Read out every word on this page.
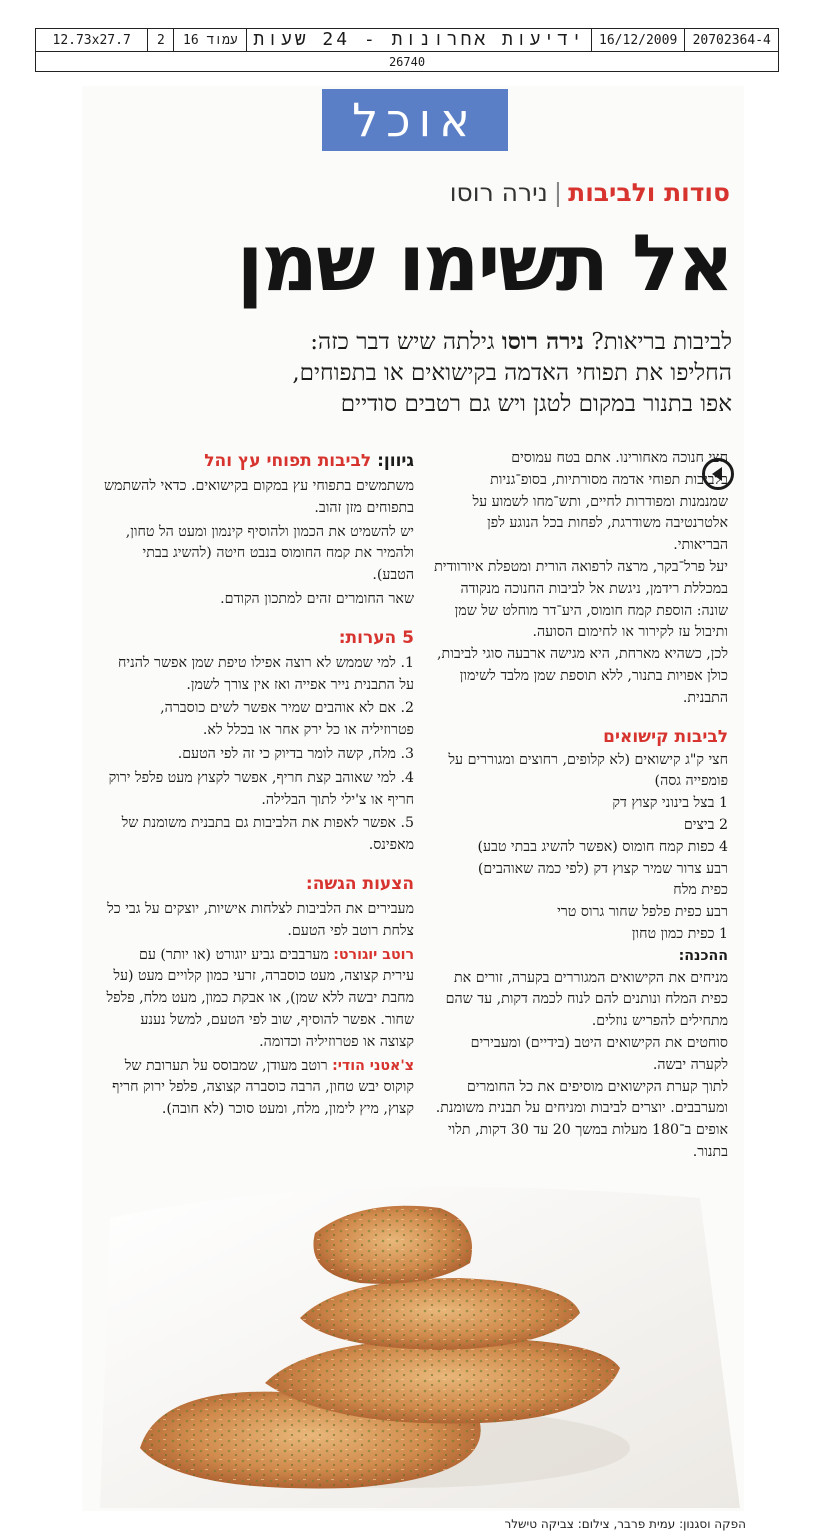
12.73x27.7	2	עמוד 16 ידיעות אחרונות - 24 שעות	16/12/2009	20702364-4
26740
אוכל
סודות ולביבות|נירה רוסו
אל תשימו שמן
לביבות בריאות? נירה רוסו גילתה שיש דבר כזה:
החליפו את תפוחי האדמה בקישואים או בתפוחים,
אפו בתנור במקום לטגן ויש גם רטבים סודיים

חצי חנוכה מאחורינו. אתם בטח עמוסים בלביבות תפוחי אדמה מסורתיות, בסופ־גניות שמנמנות ומפודרות לחיים, ותש־מחו לשמוע על אלטרנטיבה משודרגת, לפחות בכל הנוגע לפן הבריאותי.

יעל פרל־בקר, מרצה לרפואה הורית ומטפלת איורוודית במכללת רידמן, ניגשת אל לביבות החנוכה מנקודה שונה: הוספת קמח חומוס, היע־דר מוחלט של שמן ותיבול עז לקירור או לחימום הסועה.

לכן, כשהיא מארחת, היא מגישה ארבעה סוגי לביבות, כולן אפויות בתנור, ללא תוספת שמן מלבד לשימון התבנית.

לביבות קישואים

חצי ק"ג קישואים (לא קלופים, רחוצים ומגוררים על פומפייה גסה)

1 בצל בינוני קצוץ דק

2 ביצים

4 כפות קמח חומוס (אפשר להשיג בבתי טבע)

רבע צרור שמיר קצוץ דק (לפי כמה שאוהבים)

כפית מלח

רבע כפית פלפל שחור גרוס טרי

1 כפית כמון טחון

ההכנה:

מניחים את הקישואים המגוררים בקערה, זורים את כפית המלח ונותנים להם לנוח לכמה דקות, עד שהם מתחילים להפריש נוזלים.

סוחטים את הקישואים היטב (בידיים) ומעבירים לקערה יבשה.

לתוך קערת הקישואים מוסיפים את כל החומרים ומערבבים. יוצרים לביבות ומניחים על תבנית משומנת. אופים ב־180 מעלות במשך 20 עד 30 דקות, תלוי בתנור.

גיוון: לביבות תפוחי עץ והל

משתמשים בתפוחי עץ במקום בקישואים. כדאי להשתמש בתפוחים מזן זהוב.

יש להשמיט את הכמון ולהוסיף קינמון ומעט הל טחון, ולהמיר את קמח החומוס בנבט חיטה (להשיג בבתי הטבע).

שאר החומרים זהים למתכון הקודם.

5 הערות:

1. למי שממש לא רוצה אפילו טיפת שמן אפשר להניח על התבנית נייר אפייה ואז אין צורך לשמן.

2. אם לא אוהבים שמיר אפשר לשים כוסברה, פטרוזיליה או כל ירק אחר או בכלל לא.

3. מלח, קשה לומר בדיוק כי זה לפי הטעם.

4. למי שאוהב קצת חריף, אפשר לקצוץ מעט פלפל ירוק חריף או צ'ילי לתוך הבלילה.

5. אפשר לאפות את הלביבות גם בתבנית משומנת של מאפינס.

הצעות הגשה:

מעבירים את הלביבות לצלחות אישיות, יוצקים על גבי כל צלחת רוטב לפי הטעם.

רוטב יוגורט: מערבבים גביע יוגורט (או יותר) עם עירית קצוצה, מעט כוסברה, זרעי כמון קלויים מעט (על מחבת יבשה ללא שמן), או אבקת כמון, מעט מלח, פלפל שחור. אפשר להוסיף, שוב לפי הטעם, למשל נענע קצוצה או פטרוזיליה וכדומה.

צ'אטני הודי: רוטב מעודן, שמבוסס על תערובת של קוקוס יבש טחון, הרבה כוסברה קצוצה, פלפל ירוק חריף קצוץ, מיץ לימון, מלח, ומעט סוכר (לא חובה).

הפקה וסגנון: עמית פרבר, צילום: צביקה טישלר
